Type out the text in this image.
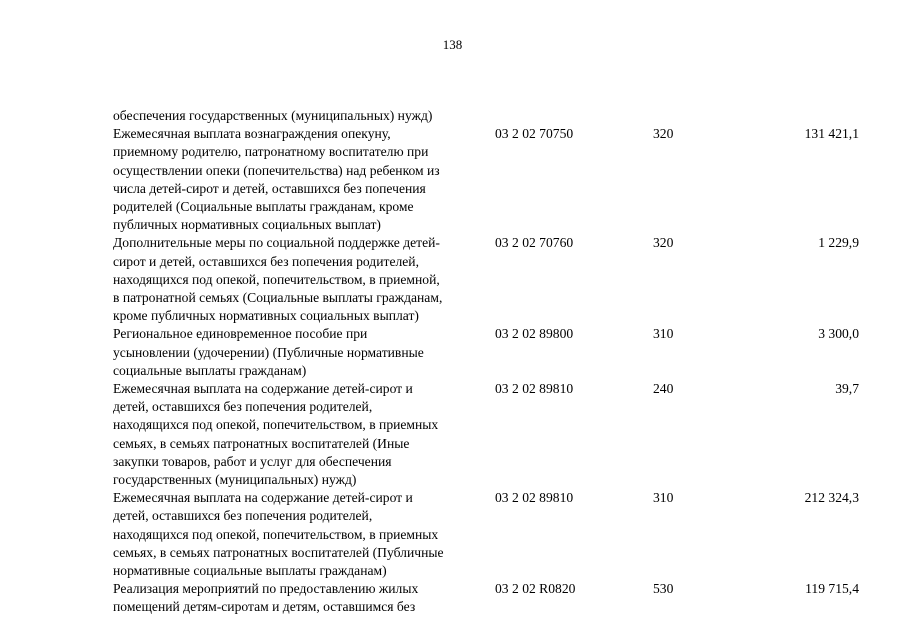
138
обеспечения государственных (муниципальных) нужд)
Ежемесячная выплата вознаграждения опекуну,
приемному родителю, патронатному воспитателю при
осуществлении опеки (попечительства) над ребенком из
числа детей-сирот и детей, оставшихся без попечения
родителей (Социальные выплаты гражданам, кроме
публичных нормативных социальных выплат)
03 2 02 70750	320	131 421,1
Дополнительные меры по социальной поддержке детей-
сирот и детей, оставшихся без попечения родителей,
находящихся под опекой, попечительством, в приемной,
в патронатной семьях (Социальные выплаты гражданам,
кроме публичных нормативных социальных выплат)
03 2 02 70760	320	1 229,9
Региональное единовременное пособие при
усыновлении (удочерении) (Публичные нормативные
социальные выплаты гражданам)
03 2 02 89800	310	3 300,0
Ежемесячная выплата на содержание детей-сирот и
детей, оставшихся без попечения родителей,
находящихся под опекой, попечительством, в приемных
семьях, в семьях патронатных воспитателей (Иные
закупки товаров, работ и услуг для обеспечения
государственных (муниципальных) нужд)
03 2 02 89810	240	39,7
Ежемесячная выплата на содержание детей-сирот и
детей, оставшихся без попечения родителей,
находящихся под опекой, попечительством, в приемных
семьях, в семьях патронатных воспитателей (Публичные
нормативные социальные выплаты гражданам)
03 2 02 89810	310	212 324,3
Реализация мероприятий по предоставлению жилых
помещений детям-сиротам и детям, оставшимся без
03 2 02 R0820	530	119 715,4
